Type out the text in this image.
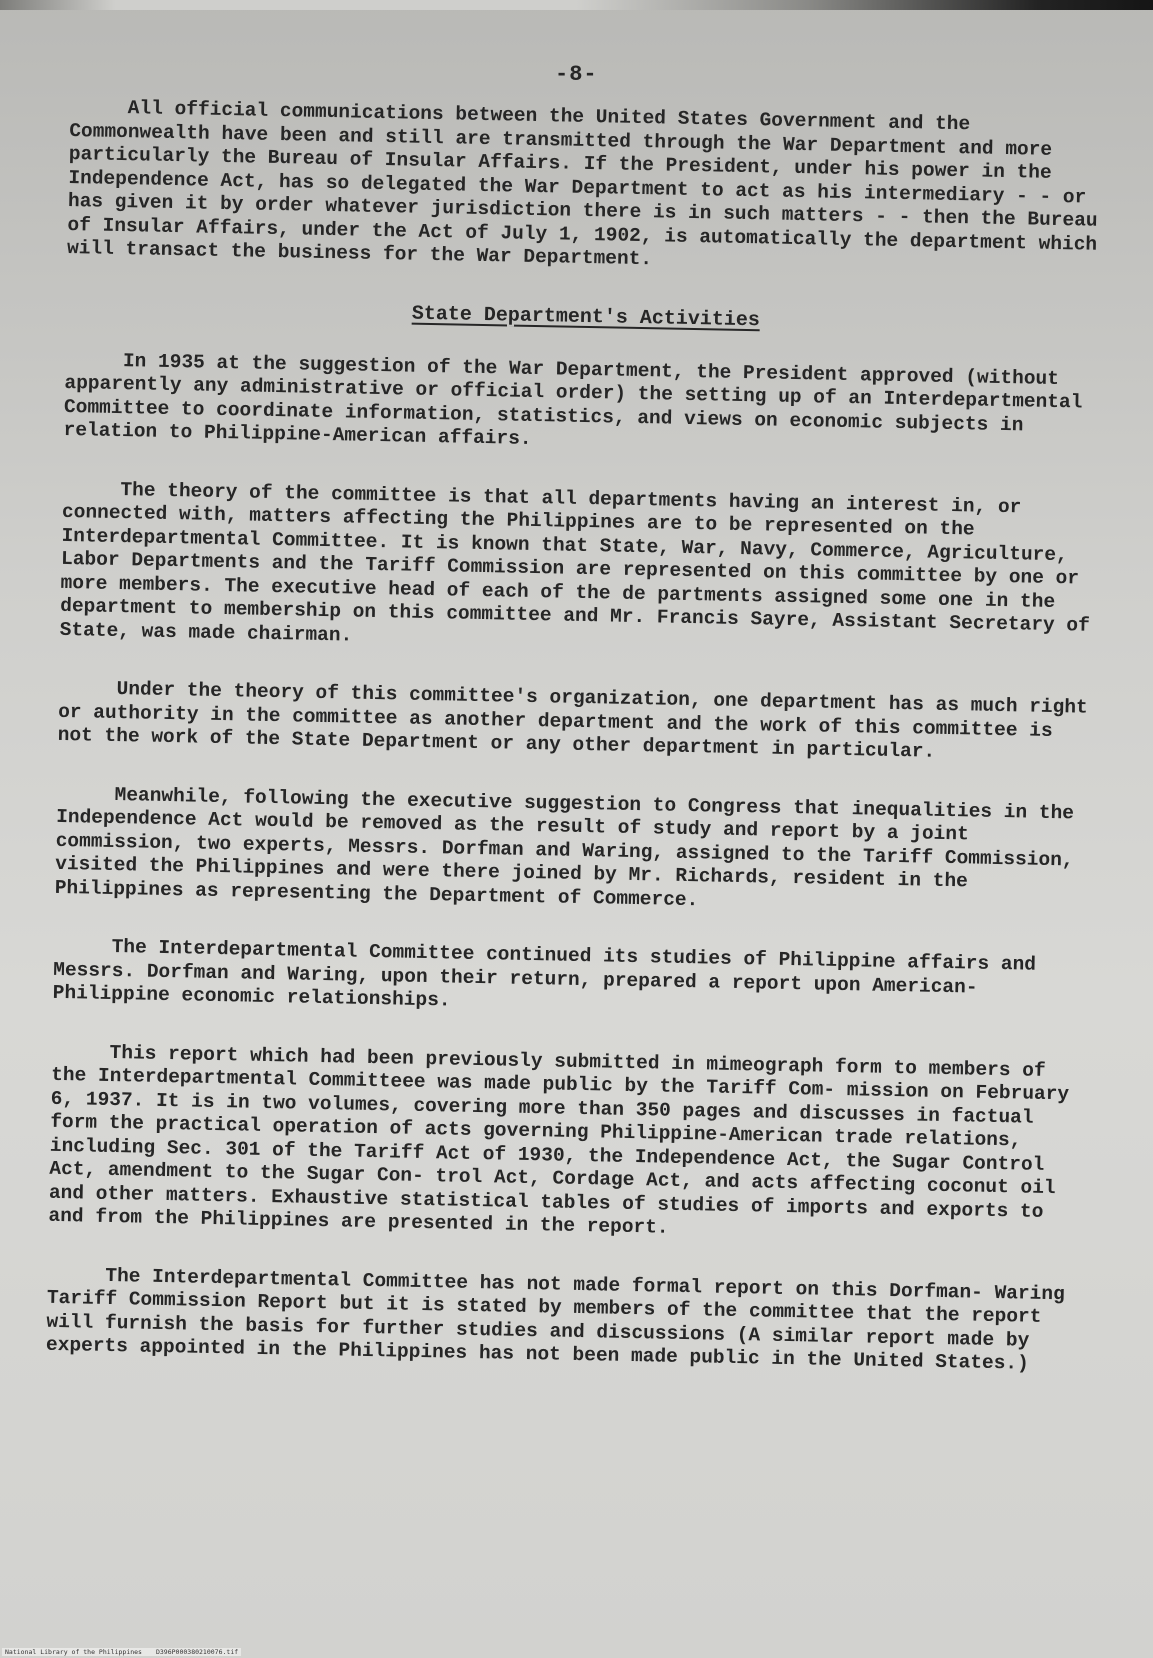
-8-

All official communications between the United States Government and the Commonwealth have been and still are transmitted through the War Department and more particularly the Bureau of Insular Affairs. If the President, under his power in the Independence Act, has so delegated the War Department to act as his intermediary - - or has given it by order whatever jurisdiction there is in such matters - - then the Bureau of Insular Affairs, under the Act of July 1, 1902, is automatically the department which will transact the business for the War Department.

State Department's Activities

In 1935 at the suggestion of the War Department, the President approved (without apparently any administrative or official order) the setting up of an Interdepartmental Committee to coordinate information, statistics, and views on economic subjects in relation to Philippine-American affairs.

The theory of the committee is that all departments having an interest in, or connected with, matters affecting the Philippines are to be represented on the Interdepartmental Committee. It is known that State, War, Navy, Commerce, Agriculture, Labor Departments and the Tariff Commission are represented on this committee by one or more members. The executive head of each of the de partments assigned some one in the department to membership on this committee and Mr. Francis Sayre, Assistant Secretary of State, was made chairman.

Under the theory of this committee's organization, one department has as much right or authority in the committee as another department and the work of this committee is not the work of the State Department or any other department in particular.

Meanwhile, following the executive suggestion to Congress that inequalities in the Independence Act would be removed as the result of study and report by a joint commission, two experts, Messrs. Dorfman and Waring, assigned to the Tariff Commission, visited the Philippines and were there joined by Mr. Richards, resident in the Philippines as representing the Department of Commerce.

The Interdepartmental Committee continued its studies of Philippine affairs and Messrs. Dorfman and Waring, upon their return, prepared a report upon American-Philippine economic relationships.

This report which had been previously submitted in mimeograph form to members of the Interdepartmental Committeee was made public by the Tariff Com- mission on February 6, 1937. It is in two volumes, covering more than 350 pages and discusses in factual form the practical operation of acts governing Philippine-American trade relations, including Sec. 301 of the Tariff Act of 1930, the Independence Act, the Sugar Control Act, amendment to the Sugar Con- trol Act, Cordage Act, and acts affecting coconut oil and other matters. Exhaustive statistical tables of studies of imports and exports to and from the Philippines are presented in the report.

The Interdepartmental Committee has not made formal report on this Dorfman- Waring Tariff Commission Report but it is stated by members of the committee that the report will furnish the basis for further studies and discussions (A similar report made by experts appointed in the Philippines has not been made public in the United States.)

National Library of the Philippines D396P000380210076.tif
